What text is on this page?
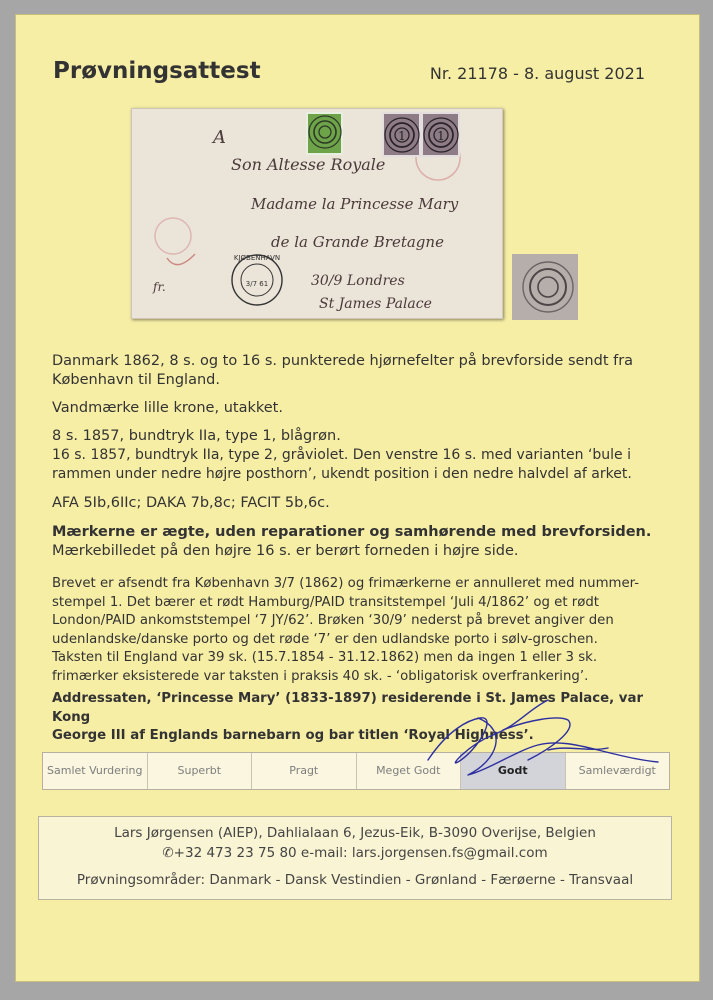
Prøvningsattest	Nr. 21178 - 8. august 2021
1	1
KJØBENHAVN
3/7 61
A
Son Altesse Royale
Madame la Princesse Mary
de la Grande Bretagne
30/9 Londres
St James Palace
fr.
Danmark 1862, 8 s. og to 16 s. punkterede hjørnefelter på brevforside sendt fra
København til England.
Vandmærke lille krone, utakket.
8 s. 1857, bundtryk IIa, type 1, blågrøn.
16 s. 1857, bundtryk IIa, type 2, gråviolet. Den venstre 16 s. med varianten ‘bule i
rammen under nedre højre posthorn’, ukendt position i den nedre halvdel af arket.
AFA 5Ib,6IIc; DAKA 7b,8c; FACIT 5b,6c.
Mærkerne er ægte, uden reparationer og samhørende med brevforsiden.
Mærkebilledet på den højre 16 s. er berørt forneden i højre side.
Brevet er afsendt fra København 3/7 (1862) og frimærkerne er annulleret med nummer-
stempel 1. Det bærer et rødt Hamburg/PAID transitstempel ‘Juli 4/1862’ og et rødt
London/PAID ankomststempel ‘7 JY/62’. Brøken ‘30/9’ nederst på brevet angiver den
udenlandske/danske porto og det røde ‘7’ er den udlandske porto i sølv-groschen.
Taksten til England var 39 sk. (15.7.1854 - 31.12.1862) men da ingen 1 eller 3 sk.
frimærker eksisterede var taksten i praksis 40 sk. - ‘obligatorisk overfrankering’.
Addressaten, ‘Princesse Mary’ (1833-1897) residerende i St. James Palace, var Kong
George III af Englands barnebarn og bar titlen ‘Royal Highness’.
Samlet Vurdering	Superbt	Pragt	Meget Godt	Godt	Samleværdigt
Lars Jørgensen (AIEP), Dahlialaan 6, Jezus-Eik, B-3090 Overijse, Belgien
✆+32 473 23 75 80 e-mail: lars.jorgensen.fs@gmail.com
Prøvningsområder: Danmark - Dansk Vestindien - Grønland - Færøerne - Transvaal
